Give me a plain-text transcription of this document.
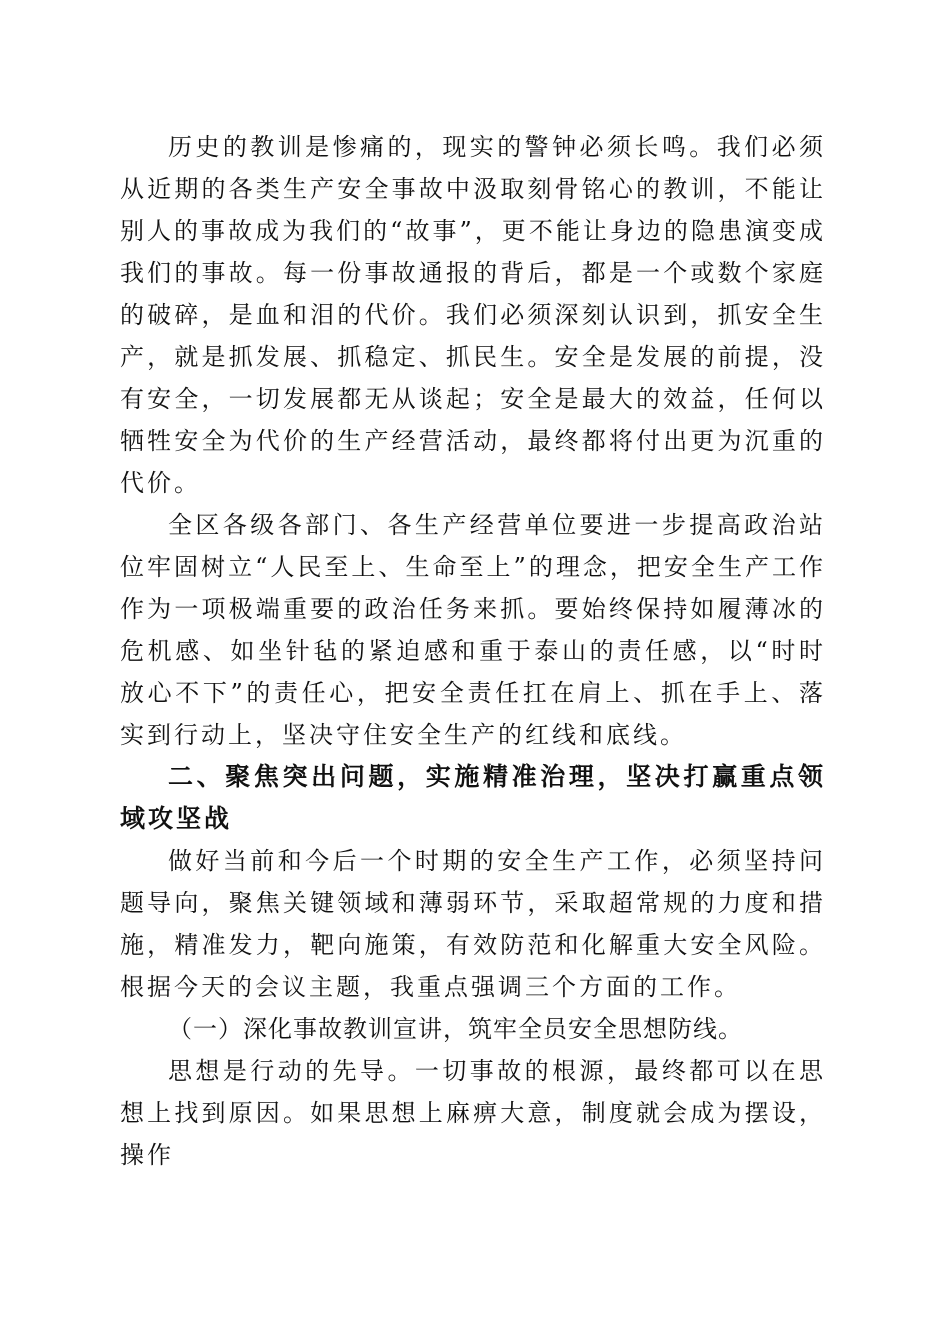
历史的教训是惨痛的，现实的警钟必须长鸣。我们必须从近期的各类生产安全事故中汲取刻骨铭心的教训，不能让别人的事故成为我们的“故事”，更不能让身边的隐患演变成我们的事故。每一份事故通报的背后，都是一个或数个家庭的破碎，是血和泪的代价。我们必须深刻认识到，抓安全生产，就是抓发展、抓稳定、抓民生。安全是发展的前提，没有安全，一切发展都无从谈起；安全是最大的效益，任何以牺牲安全为代价的生产经营活动，最终都将付出更为沉重的代价。

全区各级各部门、各生产经营单位要进一步提高政治站位牢固树立“人民至上、生命至上”的理念，把安全生产工作作为一项极端重要的政治任务来抓。要始终保持如履薄冰的危机感、如坐针毡的紧迫感和重于泰山的责任感，以“时时放心不下”的责任心，把安全责任扛在肩上、抓在手上、落实到行动上，坚决守住安全生产的红线和底线。

二、聚焦突出问题，实施精准治理，坚决打赢重点领域攻坚战

做好当前和今后一个时期的安全生产工作，必须坚持问题导向，聚焦关键领域和薄弱环节，采取超常规的力度和措施，精准发力，靶向施策，有效防范和化解重大安全风险。根据今天的会议主题，我重点强调三个方面的工作。

（一）深化事故教训宣讲，筑牢全员安全思想防线。

思想是行动的先导。一切事故的根源，最终都可以在思想上找到原因。如果思想上麻痹大意，制度就会成为摆设，操作
